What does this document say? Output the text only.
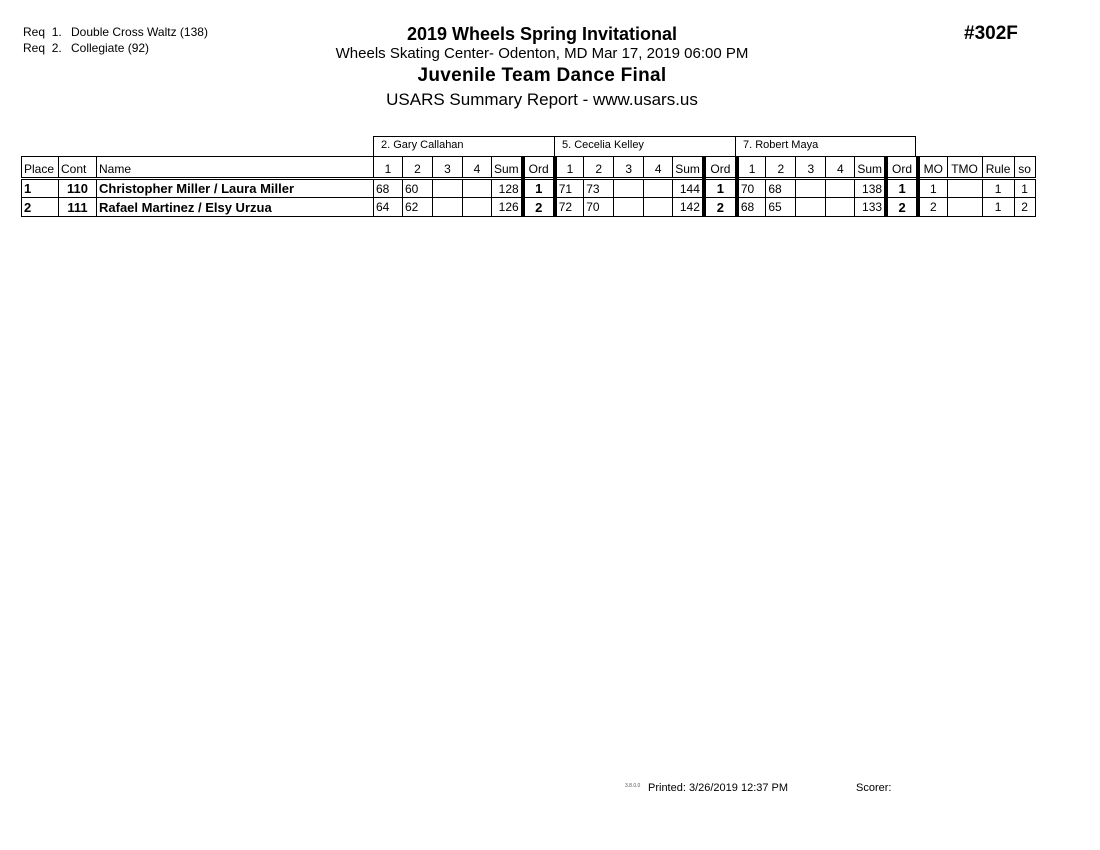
Req 1. Double Cross Waltz (138)
Req 2. Collegiate (92)
2019 Wheels Spring Invitational
Wheels Skating Center- Odenton, MD Mar 17, 2019 06:00 PM
Juvenile Team Dance Final
USARS Summary Report - www.usars.us
#302F
2. Gary Callahan	5. Cecelia Kelley	7. Robert Maya
Place	Cont	Name	1	2	3	4	Sum	Ord	1	2	3	4	Sum	Ord	1	2	3	4	Sum	Ord	MO	TMO	Rule	so
1	110	Christopher Miller / Laura Miller	68	60			128	1	71	73			144	1	70	68			138	1	1		1	1
2	111	Rafael Martinez / Elsy Urzua	64	62			126	2	72	70			142	2	68	65			133	2	2		1	2
3.8.0.0 Printed: 3/26/2019 12:37 PM	Scorer:
